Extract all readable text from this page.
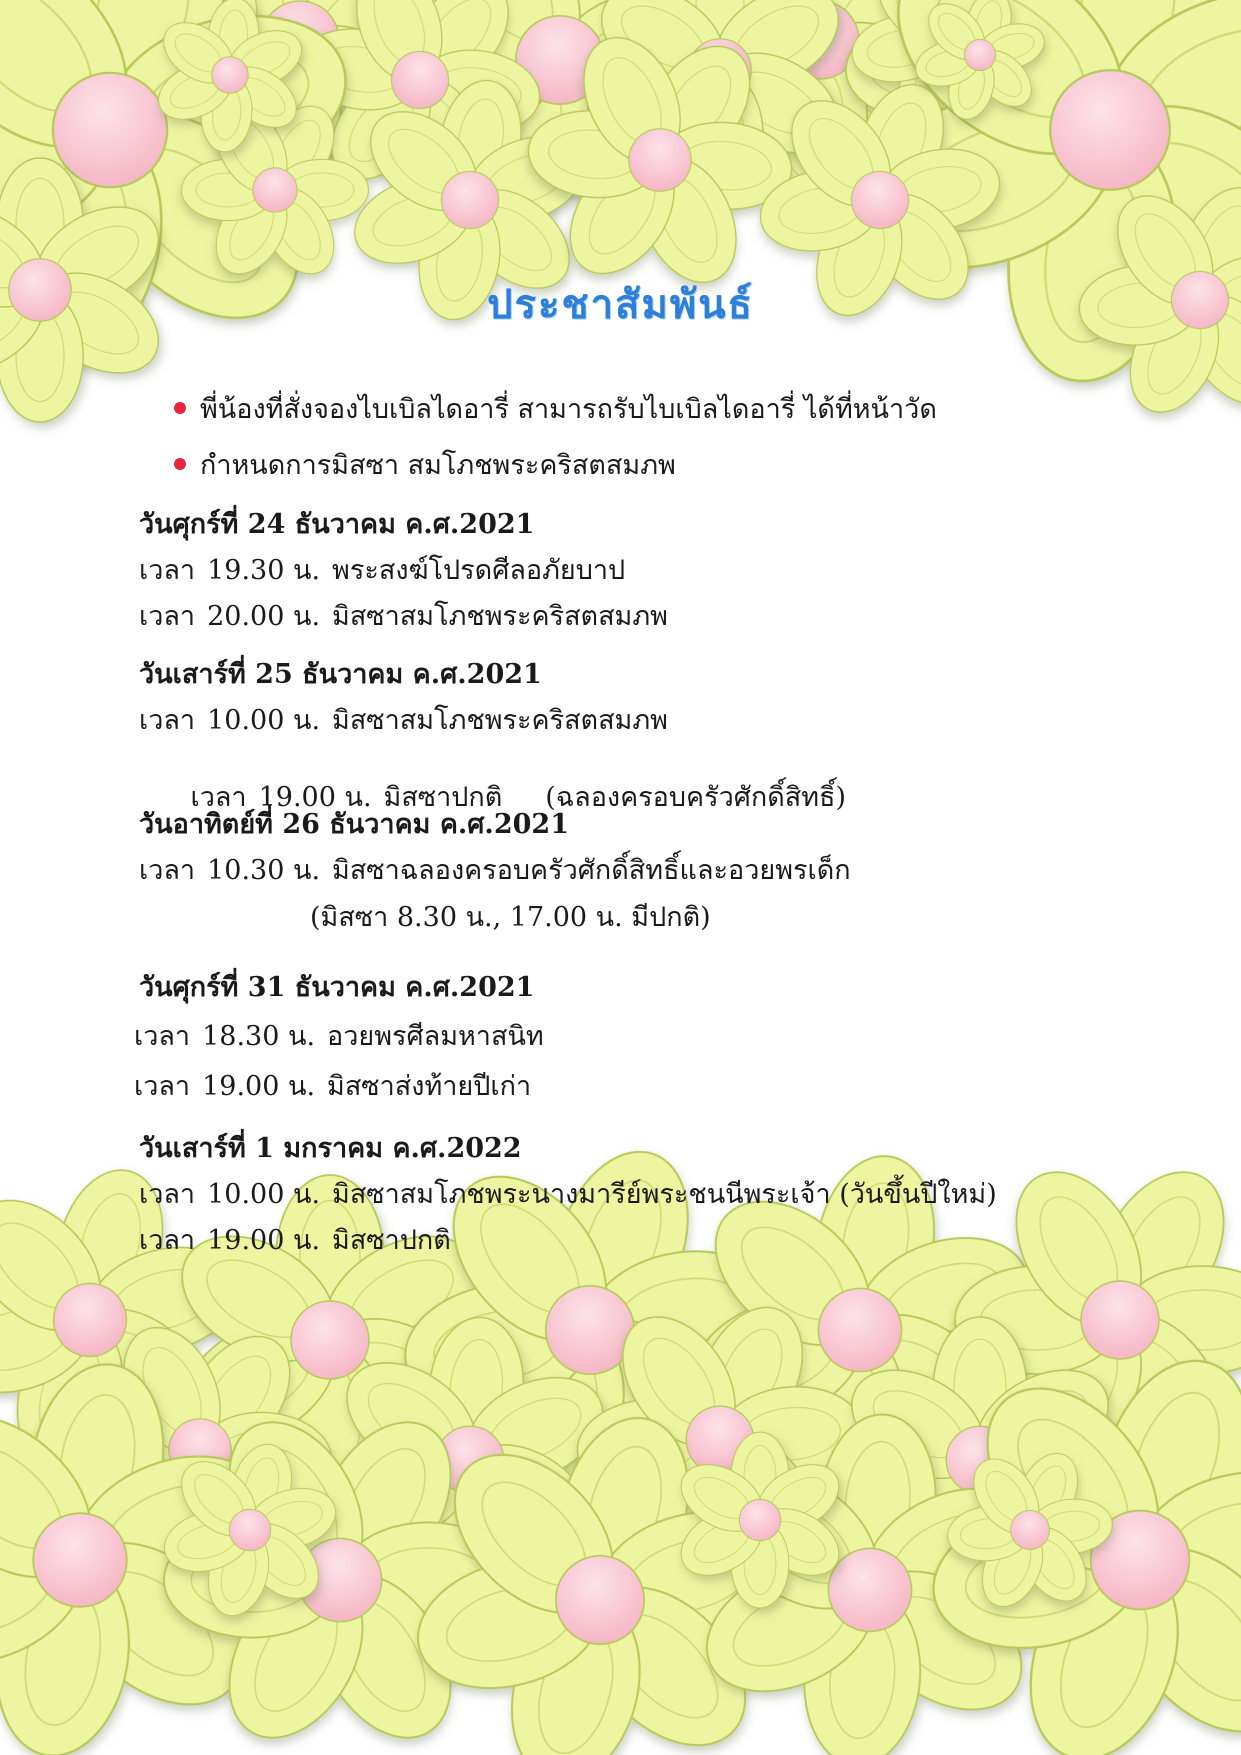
ประชาสัมพันธ์
พี่น้องที่สั่งจองไบเบิลไดอารี่ สามารถรับไบเบิลไดอารี่ ได้ที่หน้าวัด
กำหนดการมิสซา สมโภชพระคริสตสมภพ
วันศุกร์ที่ 24 ธันวาคม ค.ศ.2021
เวลา 19.30 น. พระสงฆ์โปรดศีลอภัยบาป
เวลา 20.00 น. มิสซาสมโภชพระคริสตสมภพ
วันเสาร์ที่ 25 ธันวาคม ค.ศ.2021
เวลา 10.00 น. มิสซาสมโภชพระคริสตสมภพ

เวลา 19.00 น. มิสซาปกติ     (ฉลองครอบครัวศักดิ์สิทธิ์)

วันอาทิตย์ที่ 26 ธันวาคม ค.ศ.2021
เวลา 10.30 น. มิสซาฉลองครอบครัวศักดิ์สิทธิ์และอวยพรเด็ก
(มิสซา 8.30 น., 17.00 น. มีปกติ)
วันศุกร์ที่ 31 ธันวาคม ค.ศ.2021
เวลา 18.30 น. อวยพรศีลมหาสนิท
เวลา 19.00 น. มิสซาส่งท้ายปีเก่า
วันเสาร์ที่ 1 มกราคม ค.ศ.2022
เวลา 10.00 น. มิสซาสมโภชพระนางมารีย์พระชนนีพระเจ้า (วันขึ้นปีใหม่)
เวลา 19.00 น. มิสซาปกติ
